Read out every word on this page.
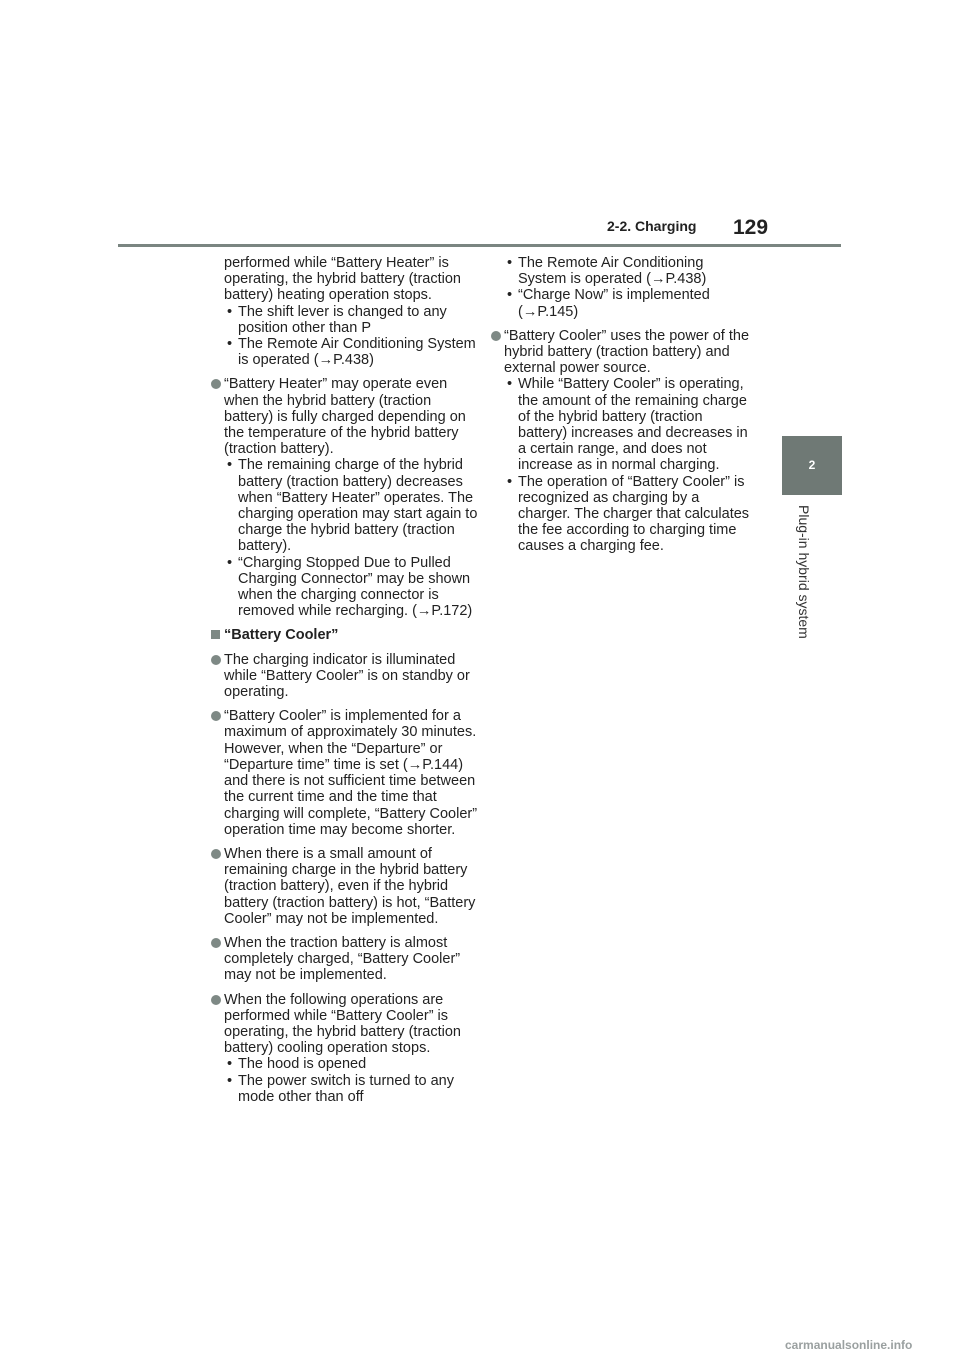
2-2. Charging 129
2
Plug-in hybrid system
performed while “Battery Heater” is operating, the hybrid battery (traction battery) heating operation stops.
• The shift lever is changed to any position other than P
• The Remote Air Conditioning System is operated (→P.438)
“Battery Heater” may operate even when the hybrid battery (traction battery) is fully charged depending on the temperature of the hybrid battery (traction battery).
• The remaining charge of the hybrid battery (traction battery) decreases when “Battery Heater” operates. The charging operation may start again to charge the hybrid battery (traction battery).
• “Charging Stopped Due to Pulled Charging Connector” may be shown when the charging connector is removed while recharging. (→P.172)
“Battery Cooler”
The charging indicator is illuminated while “Battery Cooler” is on standby or operating.
“Battery Cooler” is implemented for a maximum of approximately 30 minutes. However, when the “Departure” or “Departure time” time is set (→P.144) and there is not sufficient time between the current time and the time that charging will complete, “Battery Cooler” operation time may become shorter.
When there is a small amount of remaining charge in the hybrid battery (traction battery), even if the hybrid battery (traction battery) is hot, “Battery Cooler” may not be implemented.
When the traction battery is almost completely charged, “Battery Cooler” may not be implemented.
When the following operations are performed while “Battery Cooler” is operating, the hybrid battery (traction battery) cooling operation stops.
• The hood is opened
• The power switch is turned to any mode other than off
• The Remote Air Conditioning System is operated (→P.438)
• “Charge Now” is implemented (→P.145)
“Battery Cooler” uses the power of the hybrid battery (traction battery) and external power source.
• While “Battery Cooler” is operating, the amount of the remaining charge of the hybrid battery (traction battery) increases and decreases in a certain range, and does not increase as in normal charging.
• The operation of “Battery Cooler” is recognized as charging by a charger. The charger that calculates the fee according to charging time causes a charging fee.
carmanualsonline.info
